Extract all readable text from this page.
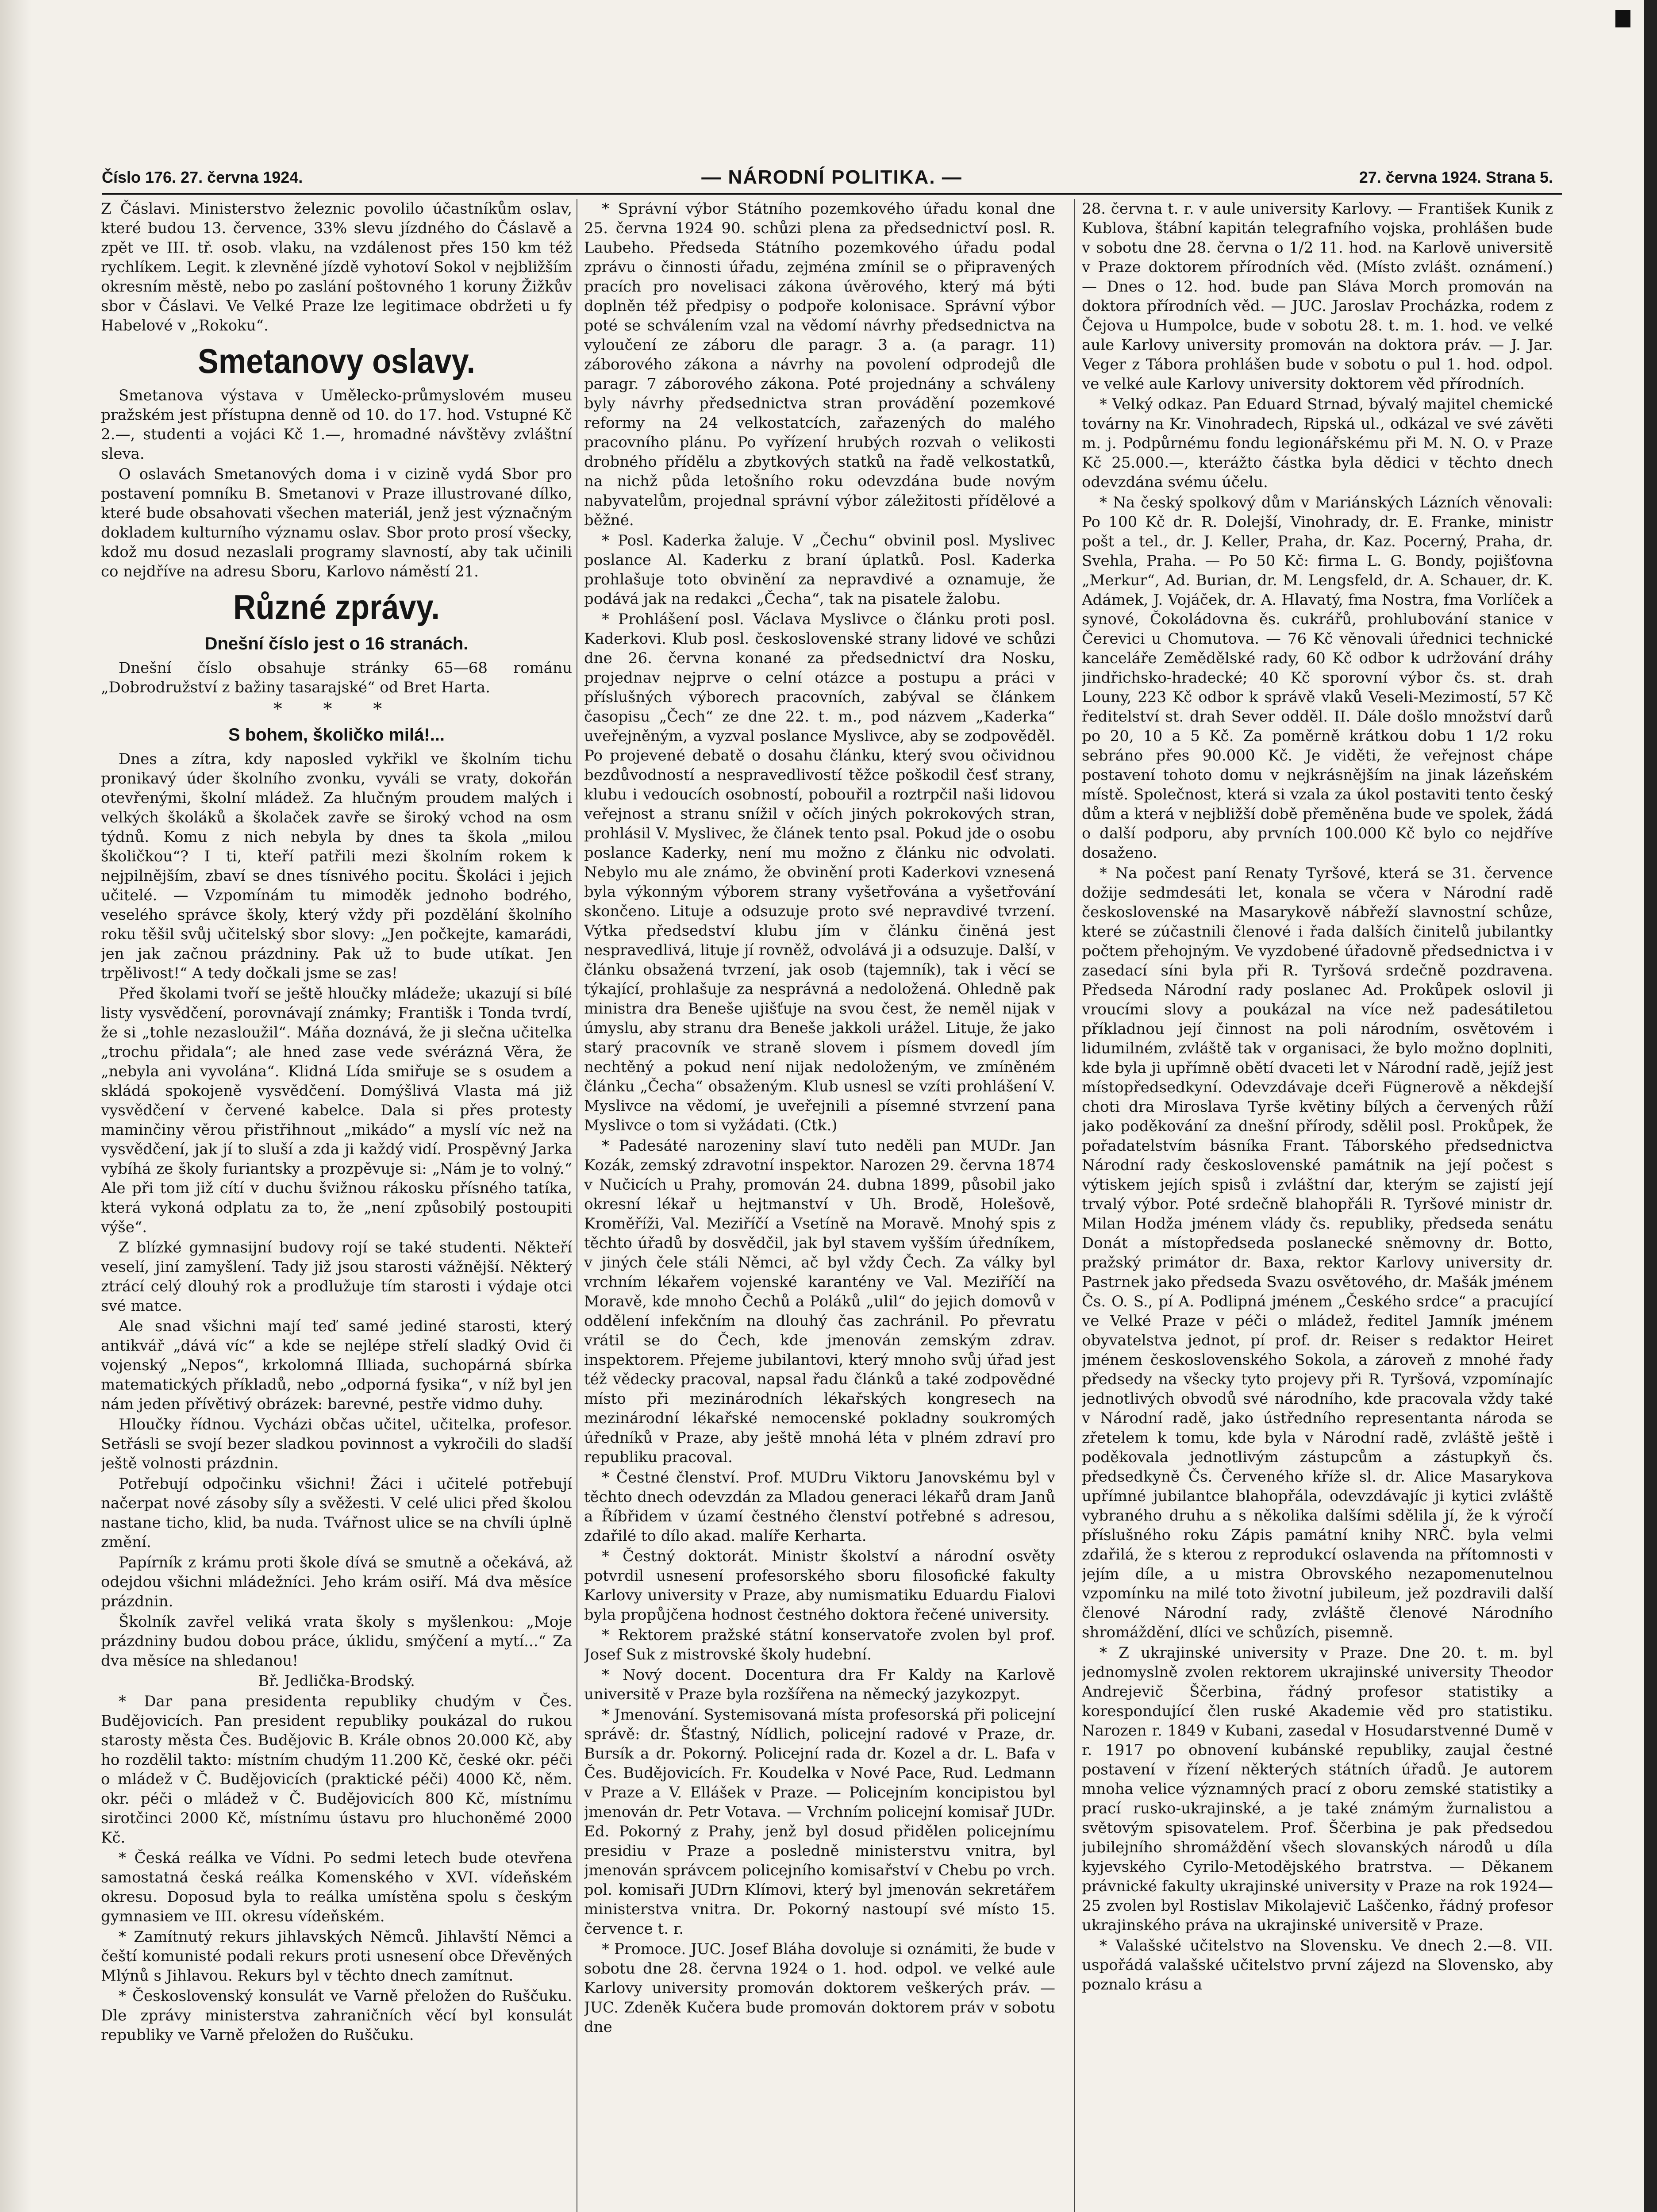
Číslo 176. 27. června 1924.	— NÁRODNÍ POLITIKA. —	27. června 1924. Strana 5.

Z Čáslavi. Ministerstvo železnic povolilo účastníkům oslav, které budou 13. července, 33% slevu jízdného do Čáslavě a zpět ve III. tř. osob. vlaku, na vzdálenost přes 150 km též rychlíkem. Legit. k zlevněné jízdě vyhotoví Sokol v nejbližším okresním městě, nebo po zaslání poštovného 1 koruny Žižkův sbor v Čáslavi. Ve Velké Praze lze legitimace obdržeti u fy Habelové v „Rokoku“.

Smetanovy oslavy.

Smetanova výstava v Umělecko-průmyslovém museu pražském jest přístupna denně od 10. do 17. hod. Vstupné Kč 2.—, studenti a vojáci Kč 1.—, hromadné návštěvy zvláštní sleva.

O oslavách Smetanových doma i v cizině vydá Sbor pro postavení pomníku B. Smetanovi v Praze illustrované dílko, které bude obsahovati všechen materiál, jenž jest význačným dokladem kulturního významu oslav. Sbor proto prosí všecky, kdož mu dosud nezaslali programy slavností, aby tak učinili co nejdříve na adresu Sboru, Karlovo náměstí 21.

Různé zprávy.
Dnešní číslo jest o 16 stranách.

Dnešní číslo obsahuje stránky 65—68 románu „Dobrodružství z bažiny tasarajské“ od Bret Harta.

* * *
S bohem, školičko milá!...

Dnes a zítra, kdy naposled vykřikl ve školním tichu pronikavý úder školního zvonku, vyváli se vraty, dokořán otevřenými, školní mládež. Za hlučným proudem malých i velkých školáků a školaček zavře se široký vchod na osm týdnů. Komu z nich nebyla by dnes ta škola „milou školičkou“? I ti, kteří patřili mezi školním rokem k nejpilnějším, zbaví se dnes tísnivého pocitu. Školáci i jejich učitelé. — Vzpomínám tu mimoděk jednoho bodrého, veselého správce školy, který vždy při pozdělání školního roku těšil svůj učitelský sbor slovy: „Jen počkejte, kamarádi, jen jak začnou prázdniny. Pak už to bude utíkat. Jen trpělivost!“ A tedy dočkali jsme se zas!

Před školami tvoří se ještě hloučky mládeže; ukazují si bílé listy vysvědčení, porovnávají známky; Františk i Tonda tvrdí, že si „tohle nezasloužil“. Máňa doznává, že ji slečna učitelka „trochu přidala“; ale hned zase vede svérázná Věra, že „nebyla ani vyvolána“. Klidná Lída smiřuje se s osudem a skládá spokojeně vysvědčení. Domýšlivá Vlasta má již vysvědčení v červené kabelce. Dala si přes protesty maminčiny věrou přistřihnout „mikádo“ a myslí víc než na vysvědčení, jak jí to sluší a zda ji každý vidí. Prospěvný Jarka vybíhá ze školy furiantsky a prozpěvuje si: „Nám je to volný.“ Ale při tom již cítí v duchu švižnou rákosku přísného tatíka, která vykoná odplatu za to, že „není způsobilý postoupiti výše“.

Z blízké gymnasijní budovy rojí se také studenti. Někteří veselí, jiní zamyšlení. Tady již jsou starosti vážnější. Některý ztrácí celý dlouhý rok a prodlužuje tím starosti i výdaje otci své matce.

Ale snad všichni mají teď samé jediné starosti, který antikvář „dává víc“ a kde se nejlépe střelí sladký Ovid či vojenský „Nepos“, krkolomná Illiada, suchopárná sbírka matematických příkladů, nebo „odporná fysika“, v níž byl jen nám jeden přívětivý obrázek: barevné, pestře vidmo duhy.

Hloučky řídnou. Vycházi občas učitel, učitelka, profesor. Setřásli se svojí bezer sladkou povinnost a vykročili do sladší ještě volnosti prázdnin.

Potřebují odpočinku všichni! Žáci i učitelé potřebují načerpat nové zásoby síly a svěžesti. V celé ulici před školou nastane ticho, klid, ba nuda. Tvářnost ulice se na chvíli úplně změní.

Papírník z krámu proti škole dívá se smutně a očekává, až odejdou všichni mládežníci. Jeho krám osiří. Má dva měsíce prázdnin.

Školník zavřel veliká vrata školy s myšlenkou: „Moje prázdniny budou dobou práce, úklidu, smýčení a mytí...“ Za dva měsíce na shledanou!

Bř. Jedlička-Brodský.

* Dar pana presidenta republiky chudým v Čes. Budějovicích. Pan president republiky poukázal do rukou starosty města Čes. Budějovic B. Krále obnos 20.000 Kč, aby ho rozdělil takto: místním chudým 11.200 Kč, české okr. péči o mládež v Č. Budějovicích (praktické péči) 4000 Kč, něm. okr. péči o mládež v Č. Budějovicích 800 Kč, místnímu sirotčinci 2000 Kč, místnímu ústavu pro hluchoněmé 2000 Kč.

* Česká reálka ve Vídni. Po sedmi letech bude otevřena samostatná česká reálka Komenského v XVI. vídeňském okresu. Doposud byla to reálka umístěna spolu s českým gymnasiem ve III. okresu vídeňském.

* Zamítnutý rekurs jihlavských Němců. Jihlavští Němci a čeští komunisté podali rekurs proti usnesení obce Dřevěných Mlýnů s Jihlavou. Rekurs byl v těchto dnech zamítnut.

* Československý konsulát ve Varně přeložen do Ruščuku. Dle zprávy ministerstva zahraničních věcí byl konsulát republiky ve Varně přeložen do Ruščuku.

* Správní výbor Státního pozemkového úřadu konal dne 25. června 1924 90. schůzi plenа za předsednictví posl. R. Laubeho. Předseda Státního pozemkového úřadu podal zprávu o činnosti úřadu, zejména zmínil se o připravených pracích pro novelisaci zákona úvěrového, který má býti doplněn též předpisy o podpoře kolonisace. Správní výbor poté se schválením vzal na vědomí návrhy předsednictva na vyloučení ze záboru dle paragr. 3 a. (a paragr. 11) záborového zákona a návrhy na povolení odprodejů dle paragr. 7 záborového zákona. Poté projednány a schváleny byly návrhy předsednictva stran provádění pozemkové reformy na 24 velkostatcích, zařazených do malého pracovního plánu. Po vyřízení hrubých rozvah o velikosti drobného přídělu a zbytkových statků na řadě velkostatků, na nichž půda letošního roku odevzdána bude novým nabyvatelům, projednal správní výbor záležitosti přídělové a běžné.

* Posl. Kaderka žaluje. V „Čechu“ obvinil posl. Myslivec poslance Al. Kaderku z braní úplatků. Posl. Kaderka prohlašuje toto obvinění za nepravdivé a oznamuje, že podává jak na redakci „Čecha“, tak na pisatele žalobu.

* Prohlášení posl. Václava Myslivce o článku proti posl. Kaderkovi. Klub posl. československé strany lidové ve schůzi dne 26. června konané za předsednictví dra Nosku, projednav nejprve o celní otázce a postupu a práci v příslušných výborech pracovních, zabýval se článkem časopisu „Čech“ ze dne 22. t. m., pod názvem „Kaderka“ uveřejněným, a vyzval poslance Myslivce, aby se zodpověděl. Po projevené debatě o dosahu článku, který svou očividnou bezdůvodností a nespravedlivostí těžce poškodil česť strany, klubu i vedoucích osobností, pobouřil a roztrpčil naši lidovou veřejnost a stranu snížil v očích jiných pokrokových stran, prohlásil V. Myslivec, že článek tento psal. Pokud jde o osobu poslance Kaderky, není mu možno z článku nic odvolati. Nebylo mu ale známo, že obvinění proti Kaderkovi vznesená byla výkonným výborem strany vyšetřována a vyšetřování skončeno. Lituje a odsuzuje proto své nepravdivé tvrzení. Výtka předsedství klubu jím v článku činěná jest nespravedlivá, lituje jí rovněž, odvolává ji a odsuzuje. Další, v článku obsažená tvrzení, jak osob (tajemník), tak i věcí se týkající, prohlašuje za nesprávná a nedoložená. Ohledně pak ministra dra Beneše ujišťuje na svou čest, že neměl nijak v úmyslu, aby stranu dra Beneše jakkoli urážel. Lituje, že jako starý pracovník ve straně slovem i písmem dovedl jím nechtěný a pokud není nijak nedoloženým, ve zmíněném článku „Čecha“ obsaženým. Klub usnesl se vzíti prohlášení V. Myslivce na vědomí, je uveřejnili a písemné stvrzení pana Myslivce o tom si vyžádati. (Ctk.)

* Padesáté narozeniny slaví tuto neděli pan MUDr. Jan Kozák, zemský zdravotní inspektor. Narozen 29. června 1874 v Nučicích u Prahy, promován 24. dubna 1899, působil jako okresní lékař u hejtmanství v Uh. Brodě, Holešově, Kroměříži, Val. Meziříčí a Vsetíně na Moravě. Mnohý spis z těchto úřadů by dosvědčil, jak byl stavem vyšším úředníkem, v jiných čele stáli Němci, ač byl vždy Čech. Za války byl vrchním lékařem vojenské karantény ve Val. Meziříčí na Moravě, kde mnoho Čechů a Poláků „ulil“ do jejich domovů v oddělení infekčním na dlouhý čas zachránil. Po převratu vrátil se do Čech, kde jmenován zemským zdrav. inspektorem. Přejeme jubilantovi, který mnoho svůj úřad jest též vědecky pracoval, napsal řadu článků a také zodpovědné místo při mezinárodních lékařských kongresech na mezinárodní lékařské nemocenské pokladny soukromých úředníků v Praze, aby ještě mnohá léta v plném zdraví pro republiku pracoval.

* Čestné členství. Prof. MUDru Viktoru Janovskému byl v těchto dnech odevzdán za Mladou generaci lékařů dram Janů a Říbřidem v úzamí čestného členství potřebné s adresou, zdařilé to dílo akad. malíře Kerharta.

* Čestný doktorát. Ministr školství a národní osvěty potvrdil usnesení profesorského sboru filosofické fakulty Karlovy university v Praze, aby numismatiku Eduardu Fialovi byla propůjčena hodnost čestného doktora řečené university.

* Rektorem pražské státní konservatoře zvolen byl prof. Josef Suk z mistrovské školy hudební.

* Nový docent. Docentura dra Fr Kaldy na Karlově universitě v Praze byla rozšířena na německý jazykozpyt.

* Jmenování. Systemisovaná místa profesorská při policejní správě: dr. Šťastný, Nídlich, policejní radové v Praze, dr. Bursík a dr. Pokorný. Policejní rada dr. Kozel a dr. L. Bafa v Čes. Budějovicích. Fr. Koudelka v Nové Pace, Rud. Ledmann v Praze a V. Ellášek v Praze. — Policejním koncipistou byl jmenován dr. Petr Votava. — Vrchním policejní komisař JUDr. Ed. Pokorný z Prahy, jenž byl dosud přidělen policejnímu presidiu v Praze a posledně ministerstvu vnitra, byl jmenován správcem policejního komisařství v Chebu po vrch. pol. komisaři JUDrn Klímovi, který byl jmenován sekretářem ministerstva vnitra. Dr. Pokorný nastoupí své místo 15. července t. r.

* Promoce. JUC. Josef Bláha dovoluje si oznámiti, že bude v sobotu dne 28. června 1924 o 1. hod. odpol. ve velké aule Karlovy university promován doktorem veškerých práv. — JUC. Zdeněk Kučera bude promován doktorem práv v sobotu dne

28. června t. r. v aule university Karlovy. — František Kunik z Kublova, štábní kapitán telegrafního vojska, prohlášen bude v sobotu dne 28. června o 1/2 11. hod. na Karlově universitě v Praze doktorem přírodních věd. (Místo zvlášt. oznámení.) — Dnes o 12. hod. bude pan Sláva Morch promován na doktora přírodních věd. — JUC. Jaroslav Procházka, rodem z Čejova u Humpolce, bude v sobotu 28. t. m. 1. hod. ve velké aule Karlovy university promován na doktora práv. — J. Jar. Veger z Tábora prohlášen bude v sobotu o pul 1. hod. odpol. ve velké aule Karlovy university doktorem věd přírodních.

* Velký odkaz. Pan Eduard Strnad, bývalý majitel chemické továrny na Kr. Vinohradech, Ripská ul., odkázal ve své závěti m. j. Podpůrnému fondu legionářskému při M. N. O. v Praze Kč 25.000.—, kterážto částka byla dědici v těchto dnech odevzdána svému účelu.

* Na český spolkový dům v Mariánských Lázních věnovali: Po 100 Kč dr. R. Dolejší, Vinohrady, dr. E. Franke, ministr pošt a tel., dr. J. Keller, Praha, dr. Kaz. Pocerný, Praha, dr. Svehla, Praha. — Po 50 Kč: firma L. G. Bondy, pojišťovna „Merkur“, Ad. Burian, dr. M. Lengsfeld, dr. A. Schauer, dr. K. Adámek, J. Vojáček, dr. A. Hlavatý, fma Nostra, fma Vorlíček a synové, Čokoládovna ěs. cukrářů, prohlubování stanice v Čerevici u Chomutova. — 76 Kč věnovali úřednici technické kanceláře Zemědělské rady, 60 Kč odbor k udržování dráhy jindřichsko-hradecké; 40 Kč sporovní výbor čs. st. drah Louny, 223 Kč odbor k správě vlaků Veseli-Mezimostí, 57 Kč ředitelství st. drah Sever odděl. II. Dále došlo množství darů po 20, 10 a 5 Kč. Za poměrně krátkou dobu 1 1/2 roku sebráno přes 90.000 Kč. Je viděti, že veřejnost chápe postavení tohoto domu v nejkrásnějším na jinak lázeňském místě. Společnost, která si vzala za úkol postaviti tento český dům a která v nejbližší době přeměněna bude ve spolek, žádá o další podporu, aby prvních 100.000 Kč bylo co nejdříve dosaženo.

* Na počest paní Renaty Tyršové, která se 31. července dožije sedmdesáti let, konala se včera v Národní radě československé na Masarykově nábřeží slavnostní schůze, které se zúčastnili členové i řada dalších činitelů jubilantky počtem přehojným. Ve vyzdobené úřadovně předsednictva i v zasedací síni byla při R. Tyršová srdečně pozdravena. Předseda Národní rady poslanec Ad. Prokůpek oslovil ji vroucími slovy a poukázal na více než padesátiletou příkladnou její činnost na poli národním, osvětovém i lidumilném, zvláště tak v organisaci, že bylo možno doplniti, kde byla ji upřímně obětí dvaceti let v Národní radě, jejíž jest místopředsedkyní. Odevzdávaje dceři Fügnerově a někdejší choti dra Miroslava Tyrše květiny bílých a červených růží jako poděkování za dnešní přírody, sdělil posl. Prokůpek, že pořadatelstvím básníka Frant. Táborského předsednictva Národní rady československé památnik na její počest s výtiskem jejích spisů i zvláštní dar, kterým se zajistí její trvalý výbor. Poté srdečně blahopřáli R. Tyršové ministr dr. Milan Hodža jménem vlády čs. republiky, předseda senátu Donát a místopředseda poslanecké sněmovny dr. Botto, pražský primátor dr. Baxa, rektor Karlovy university dr. Pastrnek jako předseda Svazu osvětového, dr. Mašák jménem Čs. O. S., pí A. Podlipná jménem „Českého srdce“ a pracující ve Velké Praze v péči o mládež, ředitel Jamník jménem obyvatelstva jednot, pí prof. dr. Reiser s redaktor Heiret jménem československého Sokola, a zároveň z mnohé řady předsedy na všecky tyto projevy při R. Tyršová, vzpomínajíc jednotlivých obvodů své národního, kde pracovala vždy také v Národní radě, jako ústředního representanta národa se zřetelem k tomu, kde byla v Národní radě, zvláště ještě i poděkovala jednotlivým zástupcům a zástupkyň čs. předsedkyně Čs. Červeného kříže sl. dr. Alice Masarykova upřímné jubilantce blahopřála, odevzdávajíc ji kytici zvláště vybraného druhu a s několika dalšími sdělila jí, že k výročí příslušného roku Zápis památní knihy NRČ. byla velmi zdařilá, že s kterou z reprodukcí oslavenda na přítomnosti v jejím díle, a u mistra Obrovského nezapomenutelnou vzpomínku na milé toto životní jubileum, jež pozdravili další členové Národní rady, zvláště členové Národního shromáždění, dlíci ve schůzích, pisemně.

* Z ukrajinské university v Praze. Dne 20. t. m. byl jednomyslně zvolen rektorem ukrajinské university Theodor Andrejevič Ščerbina, řádný profesor statistiky a korespondující člen ruské Akademie věd pro statistiku. Narozen r. 1849 v Kubani, zasedal v Hosudarstvenné Dumě v r. 1917 po obnovení kubánské republiky, zaujal čestné postavení v řízení některých státních úřadů. Je autorem mnoha velice významných prací z oboru zemské statistiky a prací rusko-ukrajinské, a je také známým žurnalistou a světovým spisovatelem. Prof. Ščerbina je pak předsedou jubilejního shromáždění všech slovanských národů u díla kyjevského Cyrilo-Metodějského bratrstva. — Děkanem právnické fakulty ukrajinské university v Praze na rok 1924—25 zvolen byl Rostislav Mikolajevič Laščenko, řádný profesor ukrajinského práva na ukrajinské universitě v Praze.

* Valašské učitelstvo na Slovensku. Ve dnech 2.—8. VII. uspořádá valašské učitelstvo první zájezd na Slovensko, aby poznalo krásu a
